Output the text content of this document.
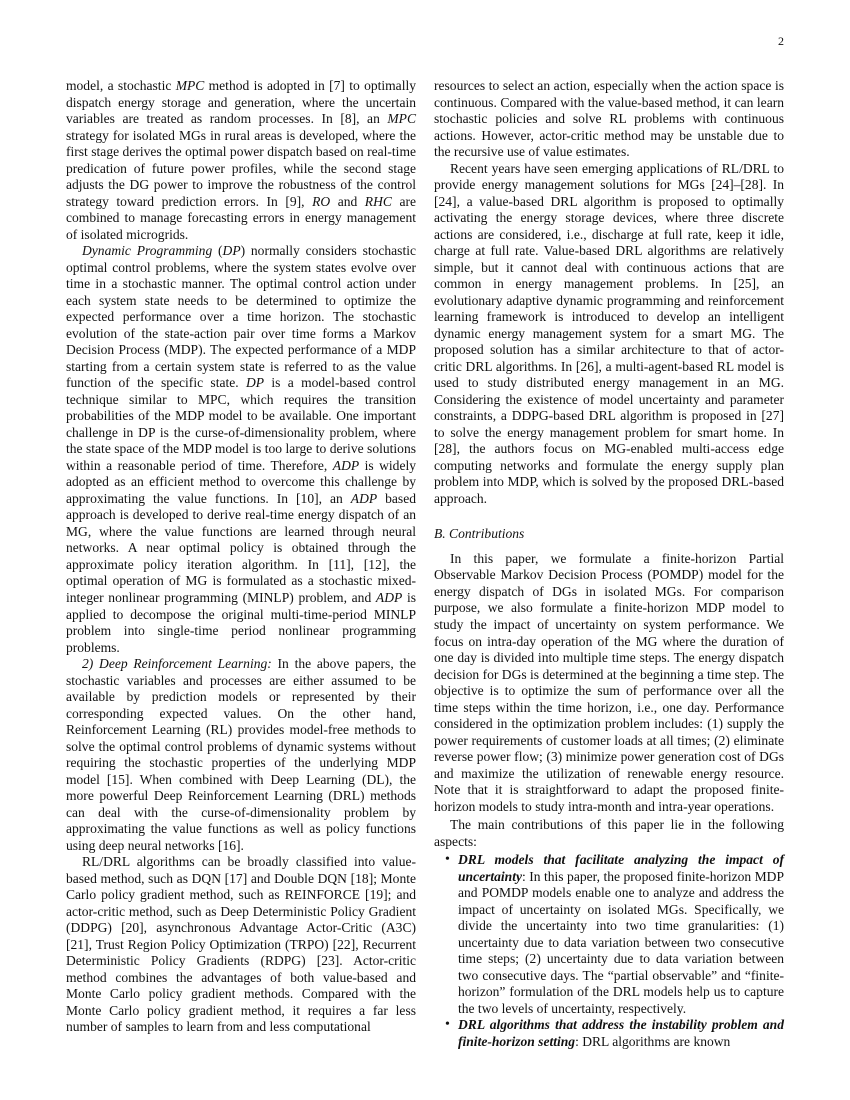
2

model, a stochastic MPC method is adopted in [7] to optimally dispatch energy storage and generation, where the uncertain variables are treated as random processes. In [8], an MPC strategy for isolated MGs in rural areas is developed, where the first stage derives the optimal power dispatch based on real-time predication of future power profiles, while the second stage adjusts the DG power to improve the robustness of the control strategy toward prediction errors. In [9], RO and RHC are combined to manage forecasting errors in energy management of isolated microgrids.

Dynamic Programming (DP) normally considers stochastic optimal control problems, where the system states evolve over time in a stochastic manner. The optimal control action under each system state needs to be determined to optimize the expected performance over a time horizon. The stochastic evolution of the state-action pair over time forms a Markov Decision Process (MDP). The expected performance of a MDP starting from a certain system state is referred to as the value function of the specific state. DP is a model-based control technique similar to MPC, which requires the transition probabilities of the MDP model to be available. One important challenge in DP is the curse-of-dimensionality problem, where the state space of the MDP model is too large to derive solutions within a reasonable period of time. Therefore, ADP is widely adopted as an efficient method to overcome this challenge by approximating the value functions. In [10], an ADP based approach is developed to derive real-time energy dispatch of an MG, where the value functions are learned through neural networks. A near optimal policy is obtained through the approximate policy iteration algorithm. In [11], [12], the optimal operation of MG is formulated as a stochastic mixed-integer nonlinear programming (MINLP) problem, and ADP is applied to decompose the original multi-time-period MINLP problem into single-time period nonlinear programming problems.

2) Deep Reinforcement Learning: In the above papers, the stochastic variables and processes are either assumed to be available by prediction models or represented by their corresponding expected values. On the other hand, Reinforcement Learning (RL) provides model-free methods to solve the optimal control problems of dynamic systems without requiring the stochastic properties of the underlying MDP model [15]. When combined with Deep Learning (DL), the more powerful Deep Reinforcement Learning (DRL) methods can deal with the curse-of-dimensionality problem by approximating the value functions as well as policy functions using deep neural networks [16].

RL/DRL algorithms can be broadly classified into value-based method, such as DQN [17] and Double DQN [18]; Monte Carlo policy gradient method, such as REINFORCE [19]; and actor-critic method, such as Deep Deterministic Policy Gradient (DDPG) [20], asynchronous Advantage Actor-Critic (A3C) [21], Trust Region Policy Optimization (TRPO) [22], Recurrent Deterministic Policy Gradients (RDPG) [23]. Actor-critic method combines the advantages of both value-based and Monte Carlo policy gradient methods. Compared with the Monte Carlo policy gradient method, it requires a far less number of samples to learn from and less computational

resources to select an action, especially when the action space is continuous. Compared with the value-based method, it can learn stochastic policies and solve RL problems with continuous actions. However, actor-critic method may be unstable due to the recursive use of value estimates.

Recent years have seen emerging applications of RL/DRL to provide energy management solutions for MGs [24]–[28]. In [24], a value-based DRL algorithm is proposed to optimally activating the energy storage devices, where three discrete actions are considered, i.e., discharge at full rate, keep it idle, charge at full rate. Value-based DRL algorithms are relatively simple, but it cannot deal with continuous actions that are common in energy management problems. In [25], an evolutionary adaptive dynamic programming and reinforcement learning framework is introduced to develop an intelligent dynamic energy management system for a smart MG. The proposed solution has a similar architecture to that of actor-critic DRL algorithms. In [26], a multi-agent-based RL model is used to study distributed energy management in an MG. Considering the existence of model uncertainty and parameter constraints, a DDPG-based DRL algorithm is proposed in [27] to solve the energy management problem for smart home. In [28], the authors focus on MG-enabled multi-access edge computing networks and formulate the energy supply plan problem into MDP, which is solved by the proposed DRL-based approach.

B. Contributions

In this paper, we formulate a finite-horizon Partial Observable Markov Decision Process (POMDP) model for the energy dispatch of DGs in isolated MGs. For comparison purpose, we also formulate a finite-horizon MDP model to study the impact of uncertainty on system performance. We focus on intra-day operation of the MG where the duration of one day is divided into multiple time steps. The energy dispatch decision for DGs is determined at the beginning a time step. The objective is to optimize the sum of performance over all the time steps within the time horizon, i.e., one day. Performance considered in the optimization problem includes: (1) supply the power requirements of customer loads at all times; (2) eliminate reverse power flow; (3) minimize power generation cost of DGs and maximize the utilization of renewable energy resource. Note that it is straightforward to adapt the proposed finite-horizon models to study intra-month and intra-year operations.

The main contributions of this paper lie in the following aspects:

• DRL models that facilitate analyzing the impact of uncertainty: In this paper, the proposed finite-horizon MDP and POMDP models enable one to analyze and address the impact of uncertainty on isolated MGs. Specifically, we divide the uncertainty into two time granularities: (1) uncertainty due to data variation between two consecutive time steps; (2) uncertainty due to data variation between two consecutive days. The “partial observable” and “finite-horizon” formulation of the DRL models help us to capture the two levels of uncertainty, respectively.
• DRL algorithms that address the instability problem and finite-horizon setting: DRL algorithms are known
